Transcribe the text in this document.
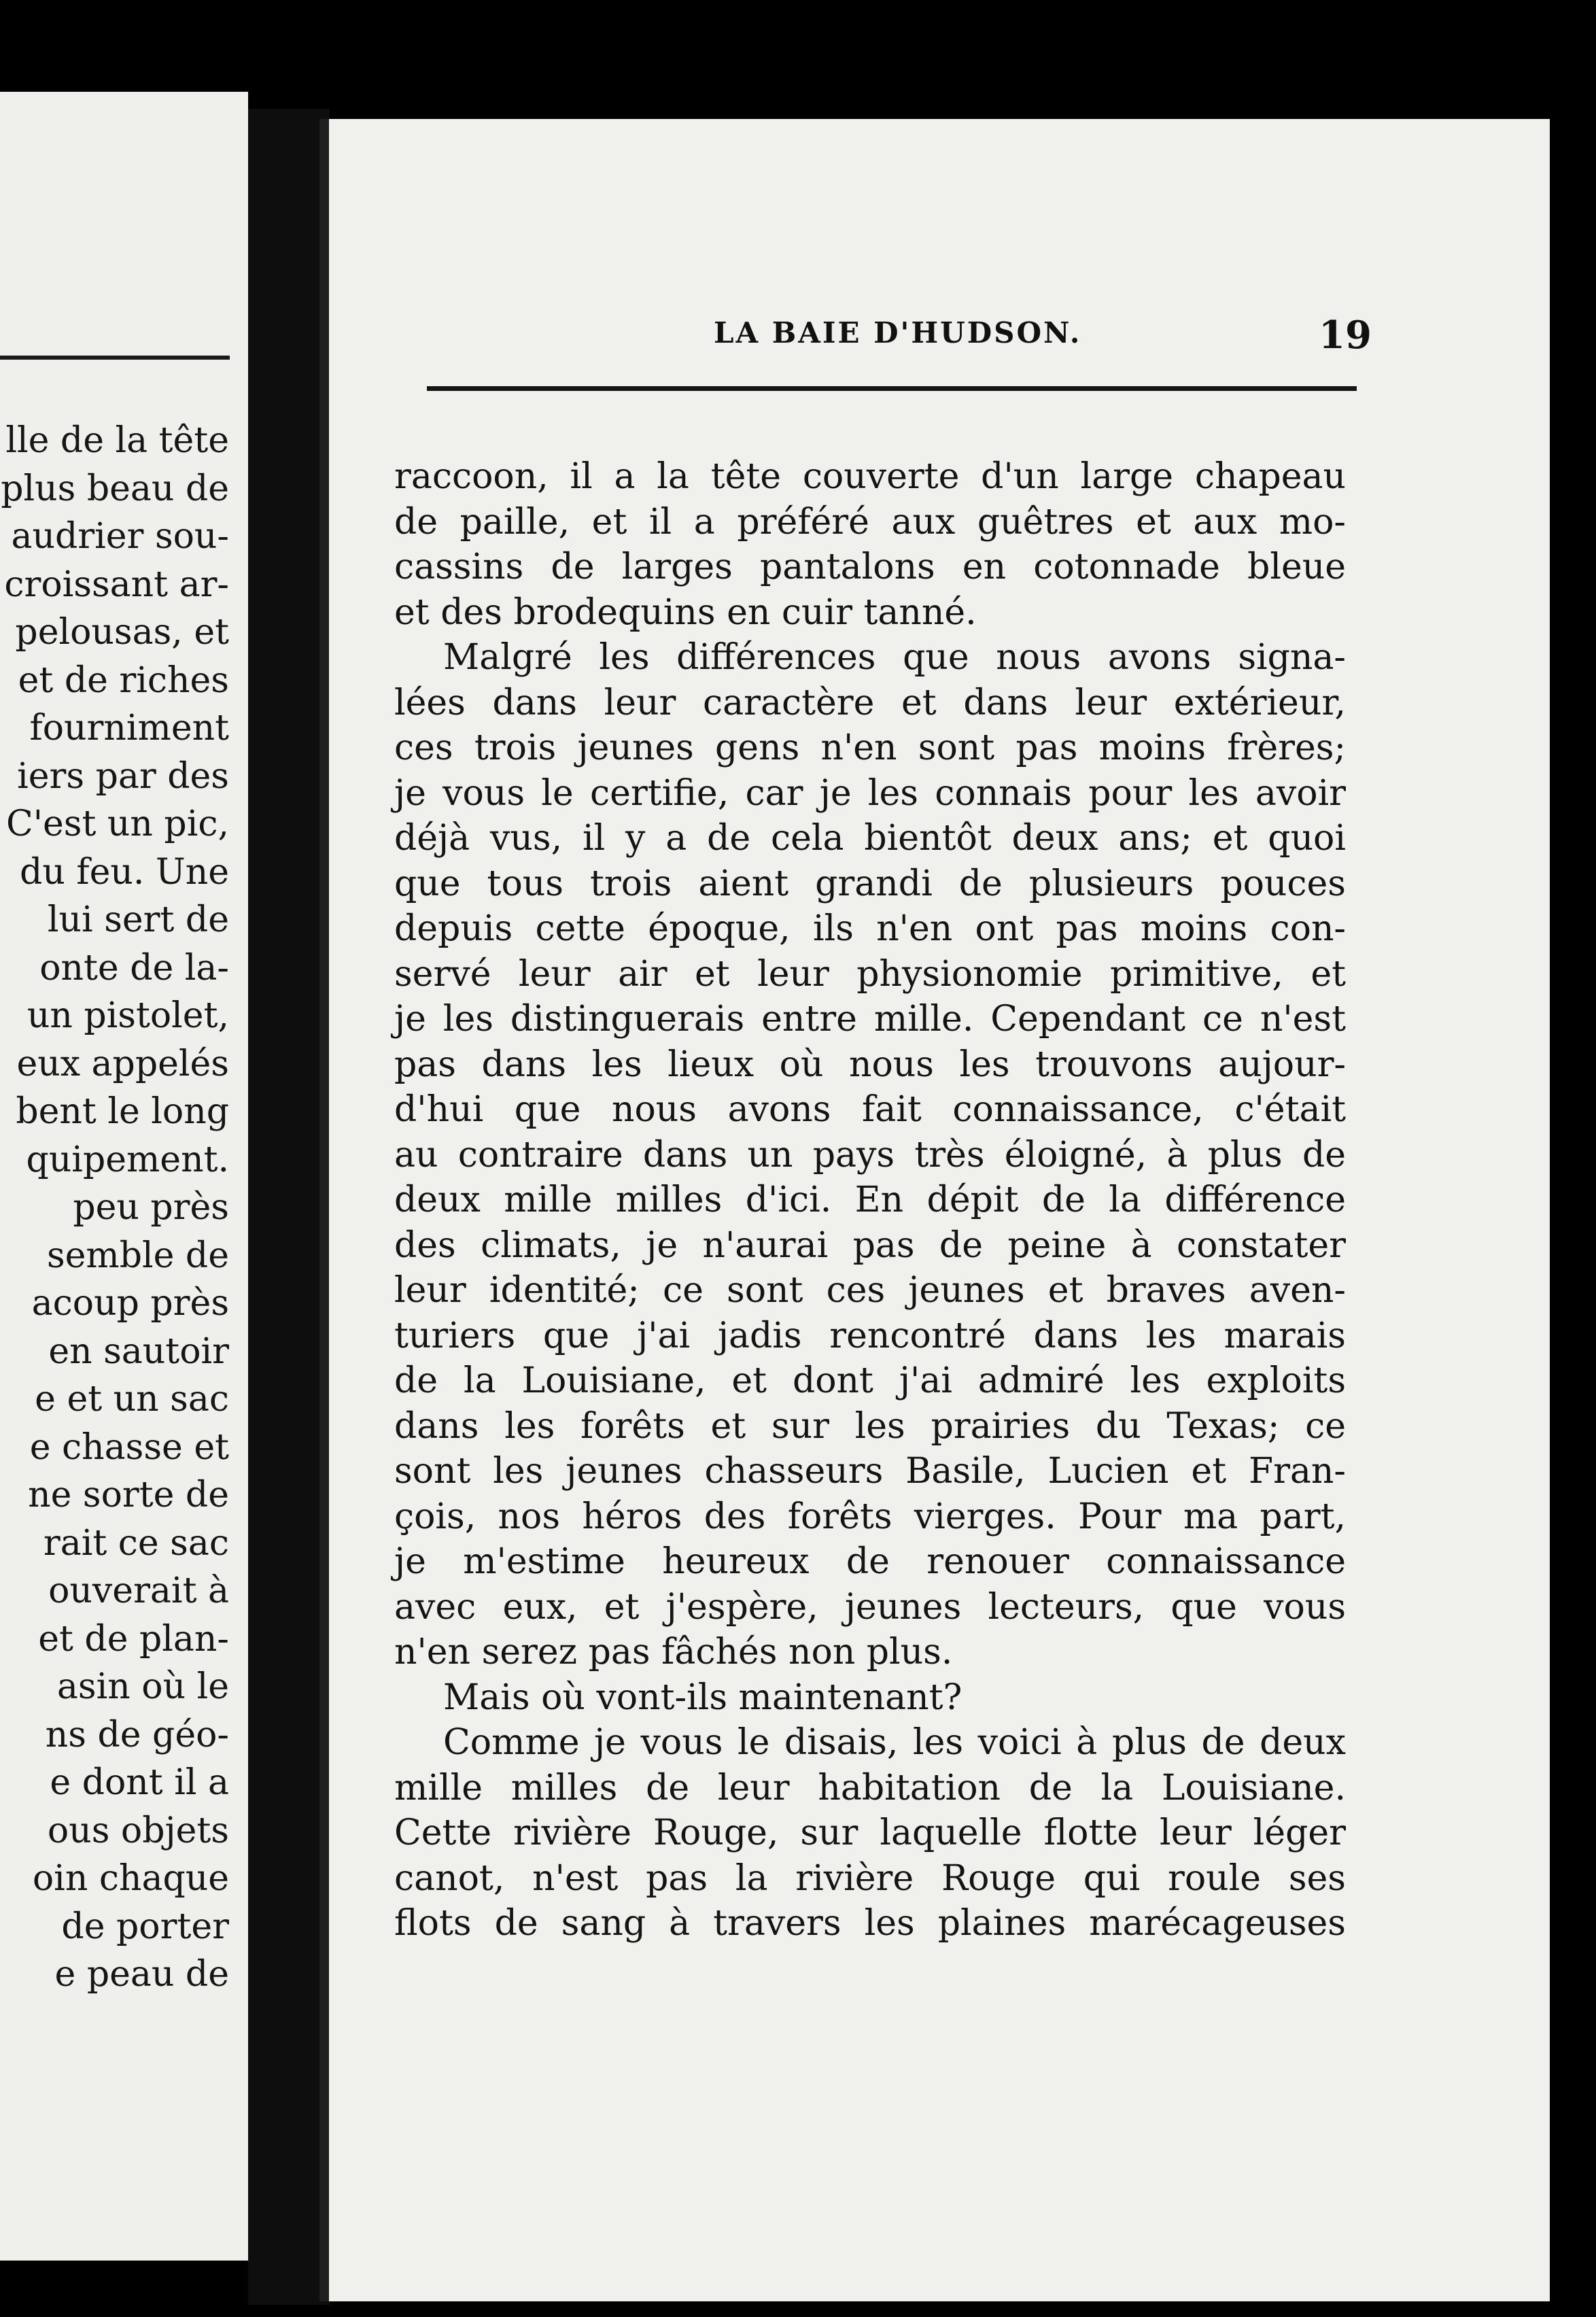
lle de la tête
plus beau de
audrier sou-
croissant ar-
pelousas, et
et de riches
fourniment
iers par des
C'est un pic,
du feu. Une
lui sert de
onte de la-
un pistolet,
eux appelés
bent le long
quipement.
peu près
semble de
acoup près
en sautoir
e et un sac
e chasse et
ne sorte de
rait ce sac
ouverait à
et de plan-
asin où le
ns de géo-
e dont il a
ous objets
oin chaque
de porter
e peau de
LA BAIE D'HUDSON.	19
raccoon, il a la tête couverte d'un large chapeau
de paille, et il a préféré aux guêtres et aux mo-
cassins de larges pantalons en cotonnade bleue
et des brodequins en cuir tanné.
Malgré les différences que nous avons signa-
lées dans leur caractère et dans leur extérieur,
ces trois jeunes gens n'en sont pas moins frères;
je vous le certifie, car je les connais pour les avoir
déjà vus, il y a de cela bientôt deux ans; et quoi
que tous trois aient grandi de plusieurs pouces
depuis cette époque, ils n'en ont pas moins con-
servé leur air et leur physionomie primitive, et
je les distinguerais entre mille. Cependant ce n'est
pas dans les lieux où nous les trouvons aujour-
d'hui que nous avons fait connaissance, c'était
au contraire dans un pays très éloigné, à plus de
deux mille milles d'ici. En dépit de la différence
des climats, je n'aurai pas de peine à constater
leur identité; ce sont ces jeunes et braves aven-
turiers que j'ai jadis rencontré dans les marais
de la Louisiane, et dont j'ai admiré les exploits
dans les forêts et sur les prairies du Texas; ce
sont les jeunes chasseurs Basile, Lucien et Fran-
çois, nos héros des forêts vierges. Pour ma part,
je m'estime heureux de renouer connaissance
avec eux, et j'espère, jeunes lecteurs, que vous
n'en serez pas fâchés non plus.
Mais où vont-ils maintenant?
Comme je vous le disais, les voici à plus de deux
mille milles de leur habitation de la Louisiane.
Cette rivière Rouge, sur laquelle flotte leur léger
canot, n'est pas la rivière Rouge qui roule ses
flots de sang à travers les plaines marécageuses
